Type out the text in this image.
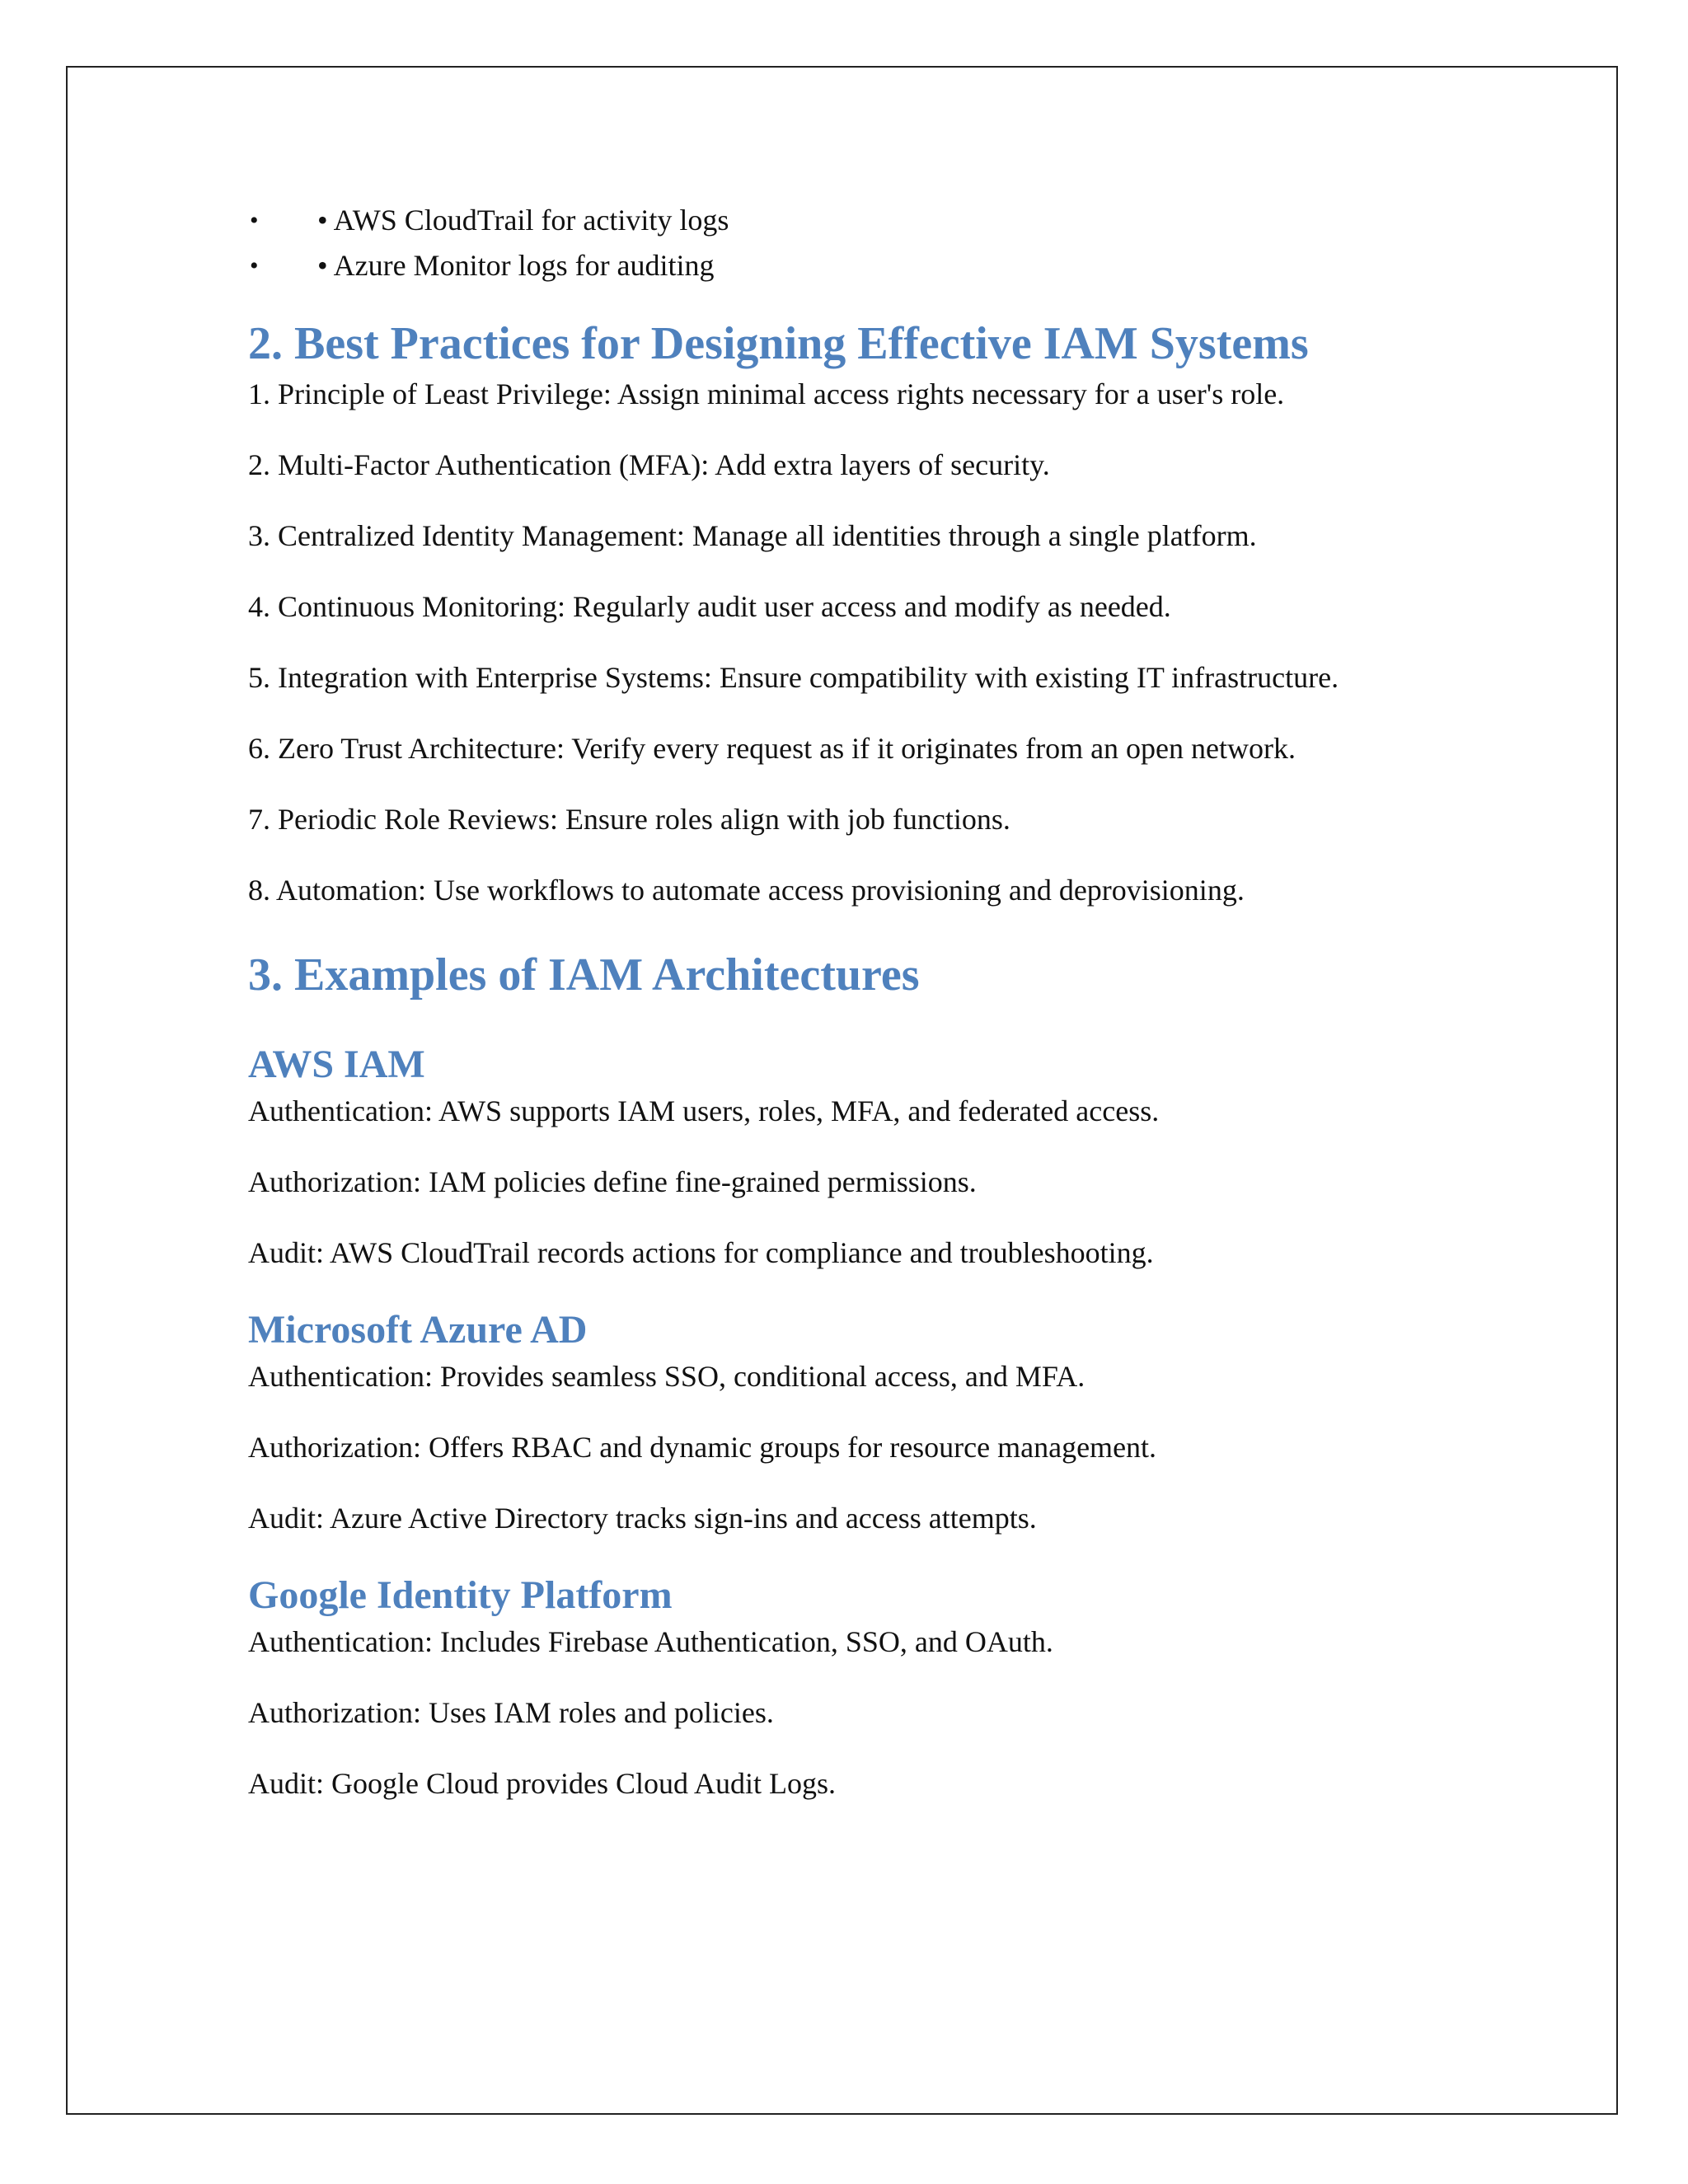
• • AWS CloudTrail for activity logs
• • Azure Monitor logs for auditing
2. Best Practices for Designing Effective IAM Systems

1. Principle of Least Privilege: Assign minimal access rights necessary for a user's role.

2. Multi-Factor Authentication (MFA): Add extra layers of security.

3. Centralized Identity Management: Manage all identities through a single platform.

4. Continuous Monitoring: Regularly audit user access and modify as needed.

5. Integration with Enterprise Systems: Ensure compatibility with existing IT infrastructure.

6. Zero Trust Architecture: Verify every request as if it originates from an open network.

7. Periodic Role Reviews: Ensure roles align with job functions.

8. Automation: Use workflows to automate access provisioning and deprovisioning.

3. Examples of IAM Architectures
AWS IAM

Authentication: AWS supports IAM users, roles, MFA, and federated access.

Authorization: IAM policies define fine-grained permissions.

Audit: AWS CloudTrail records actions for compliance and troubleshooting.

Microsoft Azure AD

Authentication: Provides seamless SSO, conditional access, and MFA.

Authorization: Offers RBAC and dynamic groups for resource management.

Audit: Azure Active Directory tracks sign-ins and access attempts.

Google Identity Platform

Authentication: Includes Firebase Authentication, SSO, and OAuth.

Authorization: Uses IAM roles and policies.

Audit: Google Cloud provides Cloud Audit Logs.
